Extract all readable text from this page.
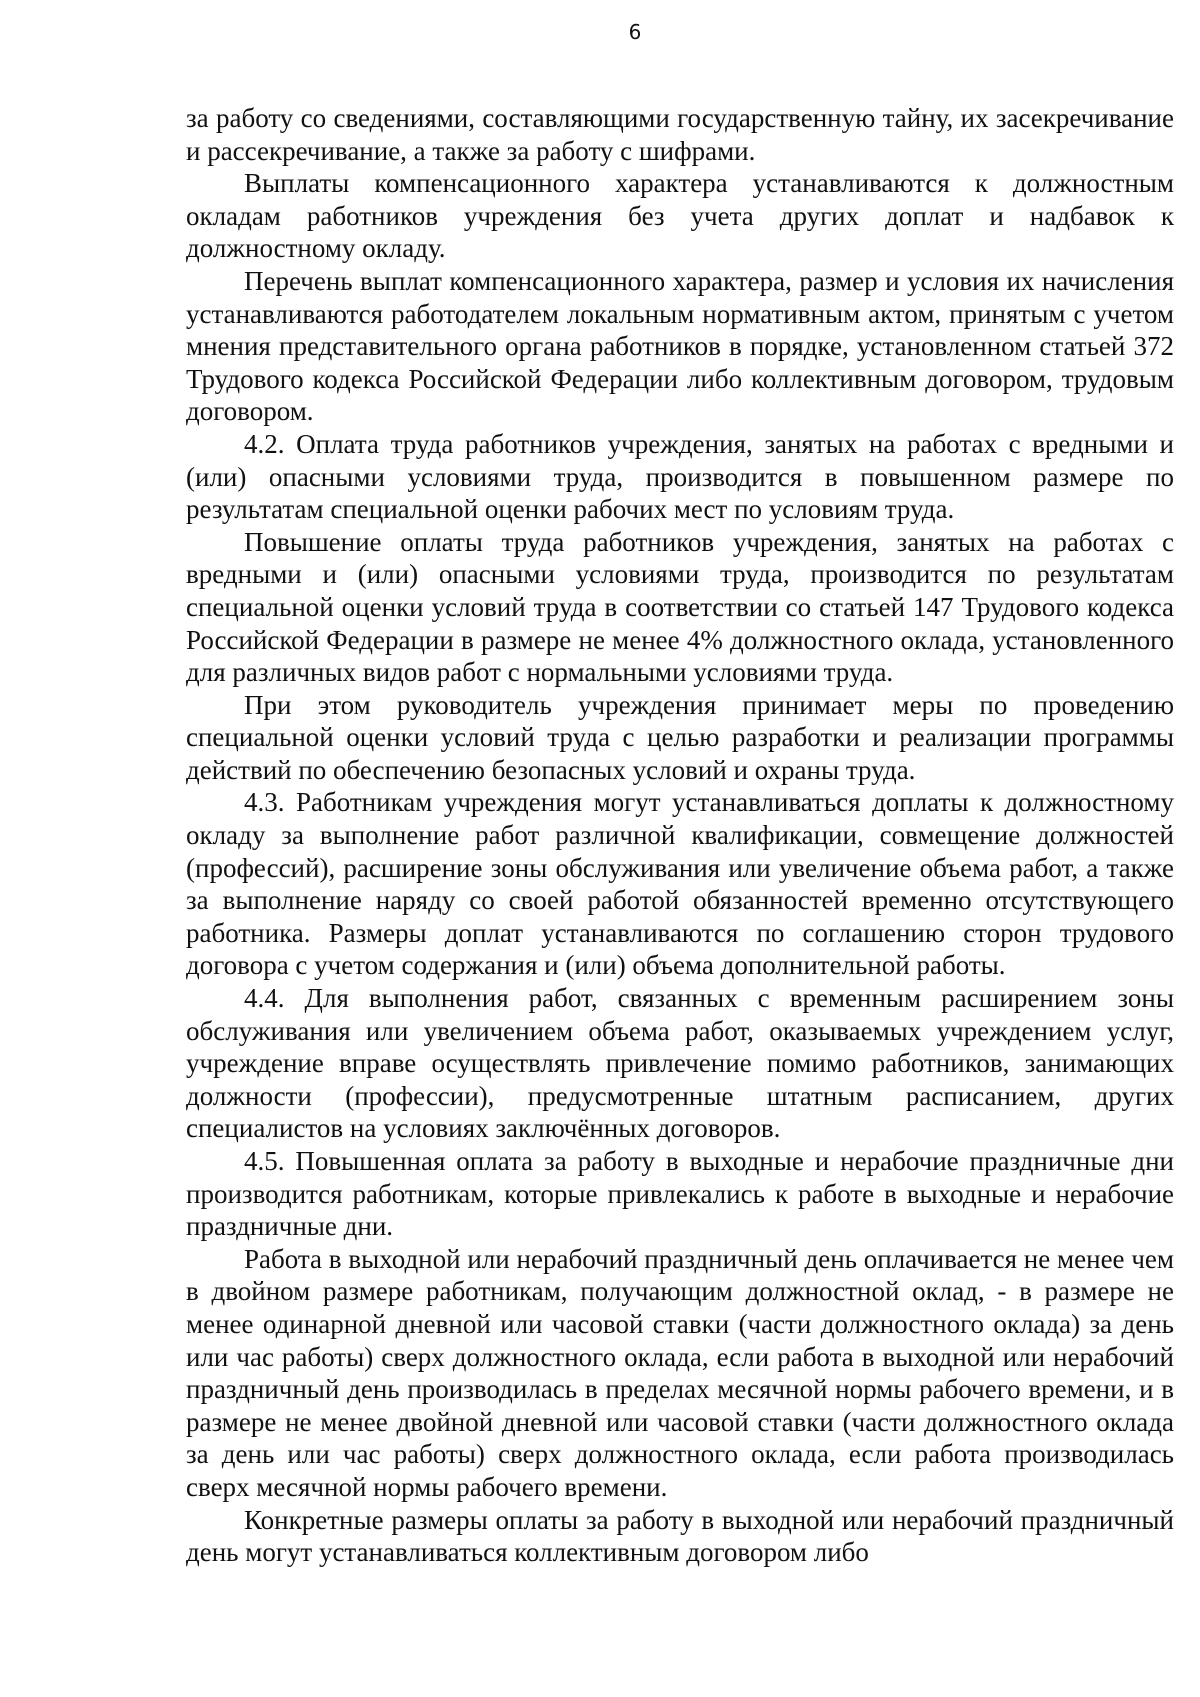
6

за работу со сведениями, составляющими государственную тайну, их засекречивание и рассекречивание, а также за работу с шифрами.

Выплаты компенсационного характера устанавливаются к должностным окладам работников учреждения без учета других доплат и надбавок к должностному окладу.

Перечень выплат компенсационного характера, размер и условия их начисления устанавливаются работодателем локальным нормативным актом, принятым с учетом мнения представительного органа работников в порядке, установленном статьей 372 Трудового кодекса Российской Федерации либо коллективным договором, трудовым договором.

4.2. Оплата труда работников учреждения, занятых на работах с вредными и (или) опасными условиями труда, производится в повышенном размере по результатам специальной оценки рабочих мест по условиям труда.

Повышение оплаты труда работников учреждения, занятых на работах с вредными и (или) опасными условиями труда, производится по результатам специальной оценки условий труда в соответствии со статьей 147 Трудового кодекса Российской Федерации в размере не менее 4% должностного оклада, установленного для различных видов работ с нормальными условиями труда.

При этом руководитель учреждения принимает меры по проведению специальной оценки условий труда с целью разработки и реализации программы действий по обеспечению безопасных условий и охраны труда.

4.3. Работникам учреждения могут устанавливаться доплаты к должностному окладу за выполнение работ различной квалификации, совмещение должностей (профессий), расширение зоны обслуживания или увеличение объема работ, а также за выполнение наряду со своей работой обязанностей временно отсутствующего работника. Размеры доплат устанавливаются по соглашению сторон трудового договора с учетом содержания и (или) объема дополнительной работы.

4.4. Для выполнения работ, связанных с временным расширением зоны обслуживания или увеличением объема работ, оказываемых учреждением услуг, учреждение вправе осуществлять привлечение помимо работников, занимающих должности (профессии), предусмотренные штатным расписанием, других специалистов на условиях заключённых договоров.

4.5. Повышенная оплата за работу в выходные и нерабочие праздничные дни производится работникам, которые привлекались к работе в выходные и нерабочие праздничные дни.

Работа в выходной или нерабочий праздничный день оплачивается не менее чем в двойном размере работникам, получающим должностной оклад, - в размере не менее одинарной дневной или часовой ставки (части должностного оклада) за день или час работы) сверх должностного оклада, если работа в выходной или нерабочий праздничный день производилась в пределах месячной нормы рабочего времени, и в размере не менее двойной дневной или часовой ставки (части должностного оклада за день или час работы) сверх должностного оклада, если работа производилась сверх месячной нормы рабочего времени.

Конкретные размеры оплаты за работу в выходной или нерабочий праздничный день могут устанавливаться коллективным договором либо
